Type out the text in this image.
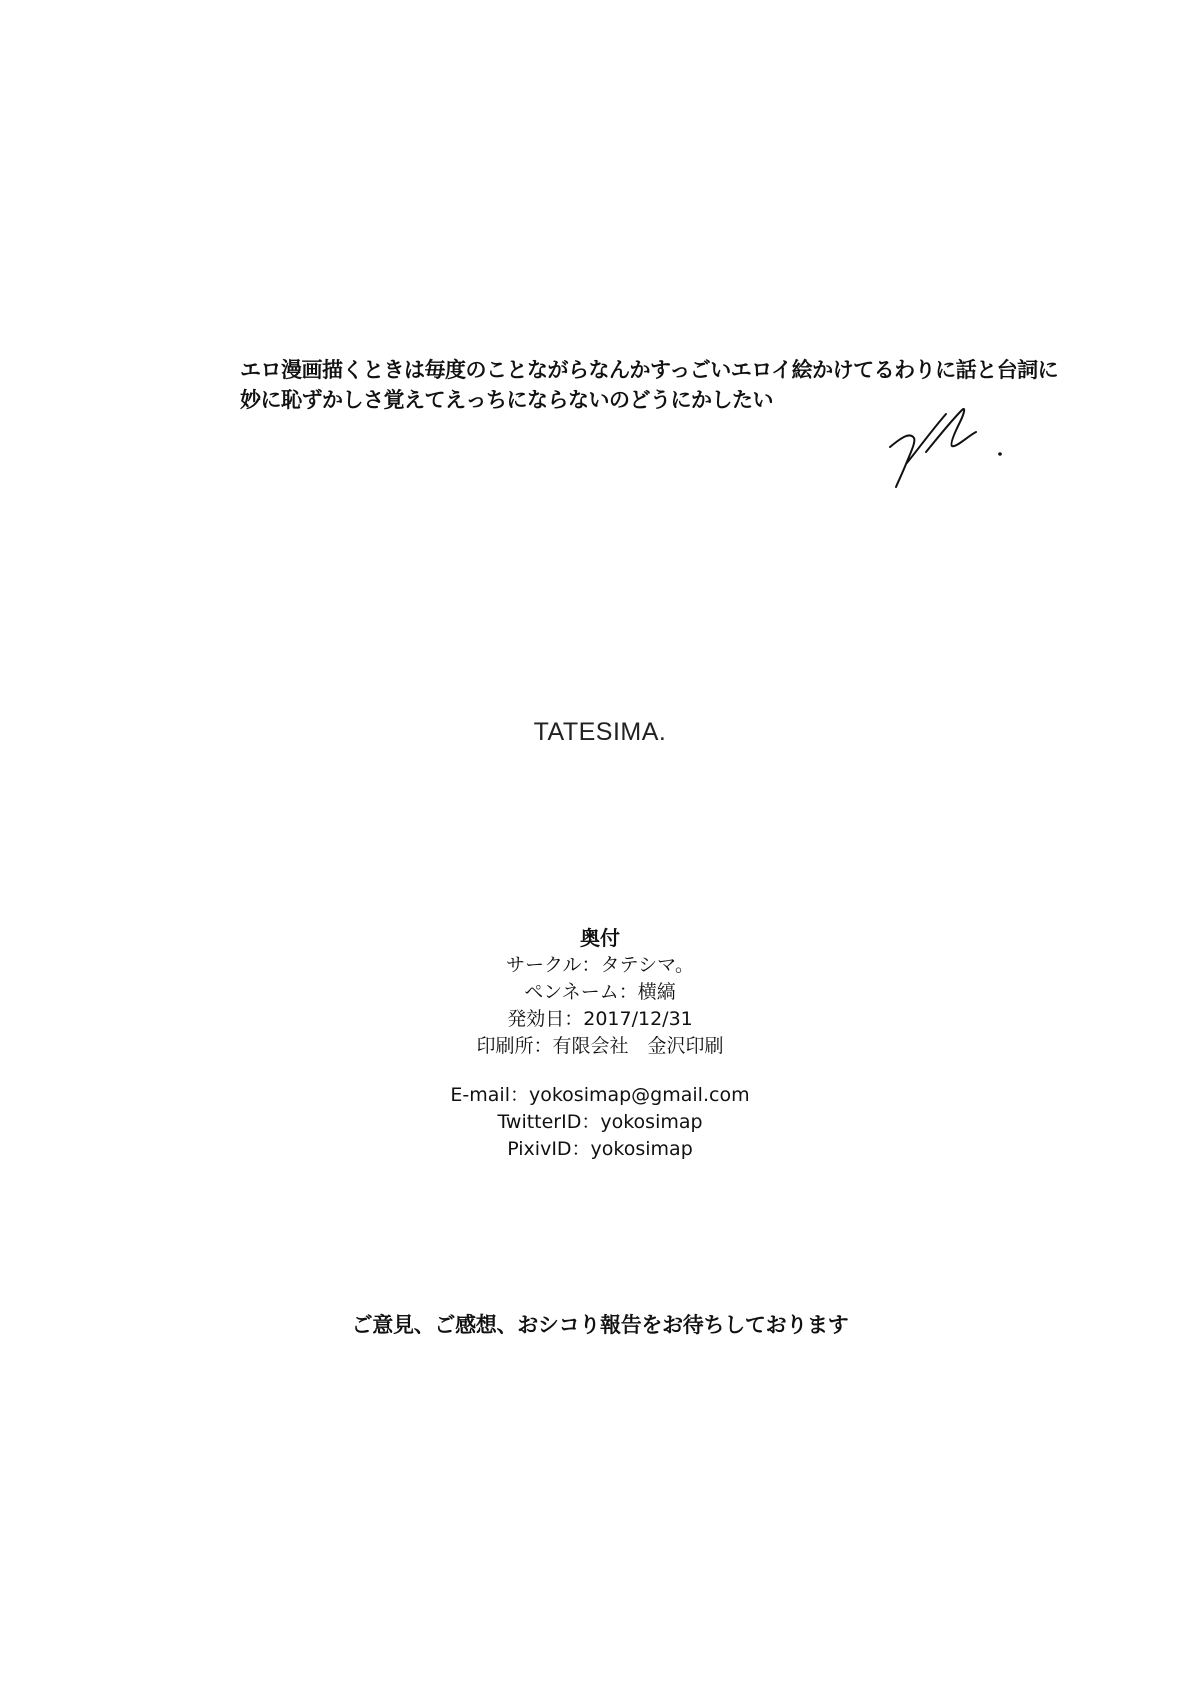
エロ漫画描くときは毎度のことながらなんかすっごいエロイ絵かけてるわりに話と台詞に
妙に恥ずかしさ覚えてえっちにならないのどうにかしたい
TATESIMA.
奥付
サークル：タテシマ。
ペンネーム：横縞
発効日：2017/12/31
印刷所：有限会社　金沢印刷
E-mail：yokosimap@gmail.com
TwitterID：yokosimap
PixivID：yokosimap
ご意見、ご感想、おシコり報告をお待ちしております
